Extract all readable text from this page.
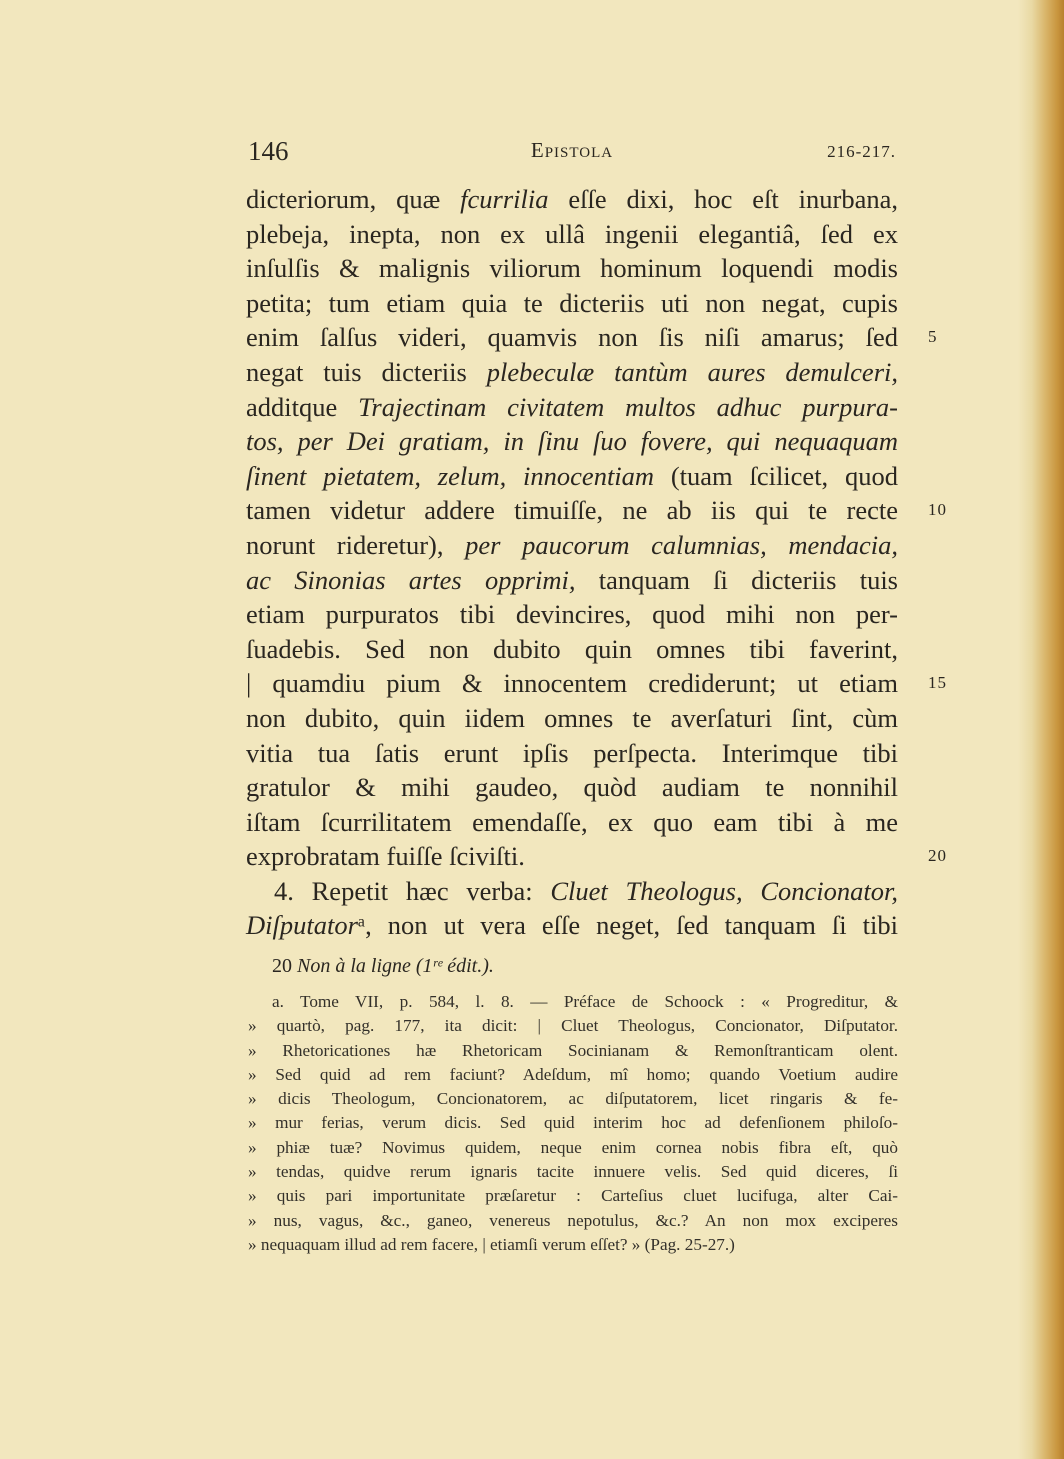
146	Epistola	216-217.
dicteriorum, quæ fcurrilia eſſe dixi, hoc eſt inurbana,
plebeja, inepta, non ex ullâ ingenii elegantiâ, ſed ex
inſulſis & malignis viliorum hominum loquendi modis
petita; tum etiam quia te dicteriis uti non negat, cupis
enim ſalſus videri, quamvis non ſis niſi amarus; ſed 5
negat tuis dicteriis plebeculæ tantùm aures demulceri,
additque Trajectinam civitatem multos adhuc purpura-
tos, per Dei gratiam, in ſinu ſuo fovere, qui nequaquam
ſinent pietatem, zelum, innocentiam (tuam ſcilicet, quod
tamen videtur addere timuiſſe, ne ab iis qui te recte 10
norunt rideretur), per paucorum calumnias, mendacia,
ac Sinonias artes opprimi, tanquam ſi dicteriis tuis
etiam purpuratos tibi devincires, quod mihi non per-
ſuadebis. Sed non dubito quin omnes tibi faverint,
| quamdiu pium & innocentem crediderunt; ut etiam 15
non dubito, quin iidem omnes te averſaturi ſint, cùm
vitia tua ſatis erunt ipſis perſpecta. Interimque tibi
gratulor & mihi gaudeo, quòd audiam te nonnihil
iſtam ſcurrilitatem emendaſſe, ex quo eam tibi à me
exprobratam fuiſſe ſciviſti.	20
4. Repetit hæc verba: Cluet Theologus, Concionator,
Diſputatorᵃ, non ut vera eſſe neget, ſed tanquam ſi tibi
20 Non à la ligne (1ʳᵉ édit.).
a. Tome VII, p. 584, l. 8. — Préface de Schoock : « Progreditur, &
» quartò, pag. 177, ita dicit: | Cluet Theologus, Concionator, Diſputator.
» Rhetoricationes hæ Rhetoricam Socinianam & Remonſtranticam olent.
» Sed quid ad rem faciunt? Adeſdum, mî homo; quando Voetium audire
» dicis Theologum, Concionatorem, ac diſputatorem, licet ringaris & fe-
» mur ferias, verum dicis. Sed quid interim hoc ad defenſionem philoſo-
» phiæ tuæ? Novimus quidem, neque enim cornea nobis fibra eſt, quò
» tendas, quidve rerum ignaris tacite innuere velis. Sed quid diceres, ſi
» quis pari importunitate præſaretur : Carteſius cluet lucifuga, alter Cai-
» nus, vagus, &c., ganeo, venereus nepotulus, &c.? An non mox exciperes
» nequaquam illud ad rem facere, | etiamſi verum eſſet? » (Pag. 25-27.)
